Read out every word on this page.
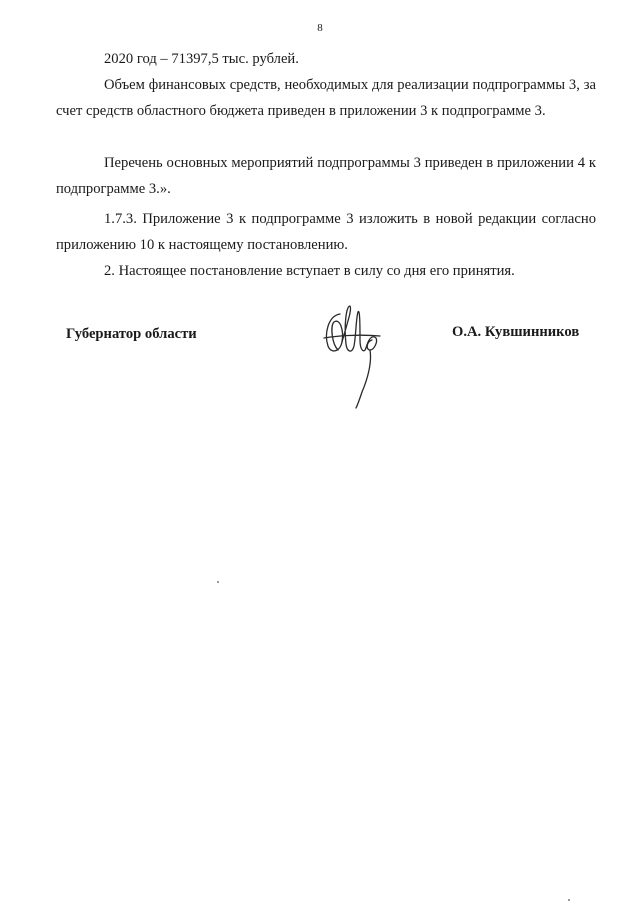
8

2020 год – 71397,5 тыс. рублей.

Объем финансовых средств, необходимых для реализации подпрограммы 3, за счет средств областного бюджета приведен в приложении 3 к подпрограмме 3.

Перечень основных мероприятий подпрограммы 3 приведен в приложении 4 к подпрограмме 3.».

1.7.3. Приложение 3 к подпрограмме 3 изложить в новой редакции согласно приложению 10 к настоящему постановлению.

2. Настоящее постановление вступает в силу со дня его принятия.

Губернатор области	О.А. Кувшинников
